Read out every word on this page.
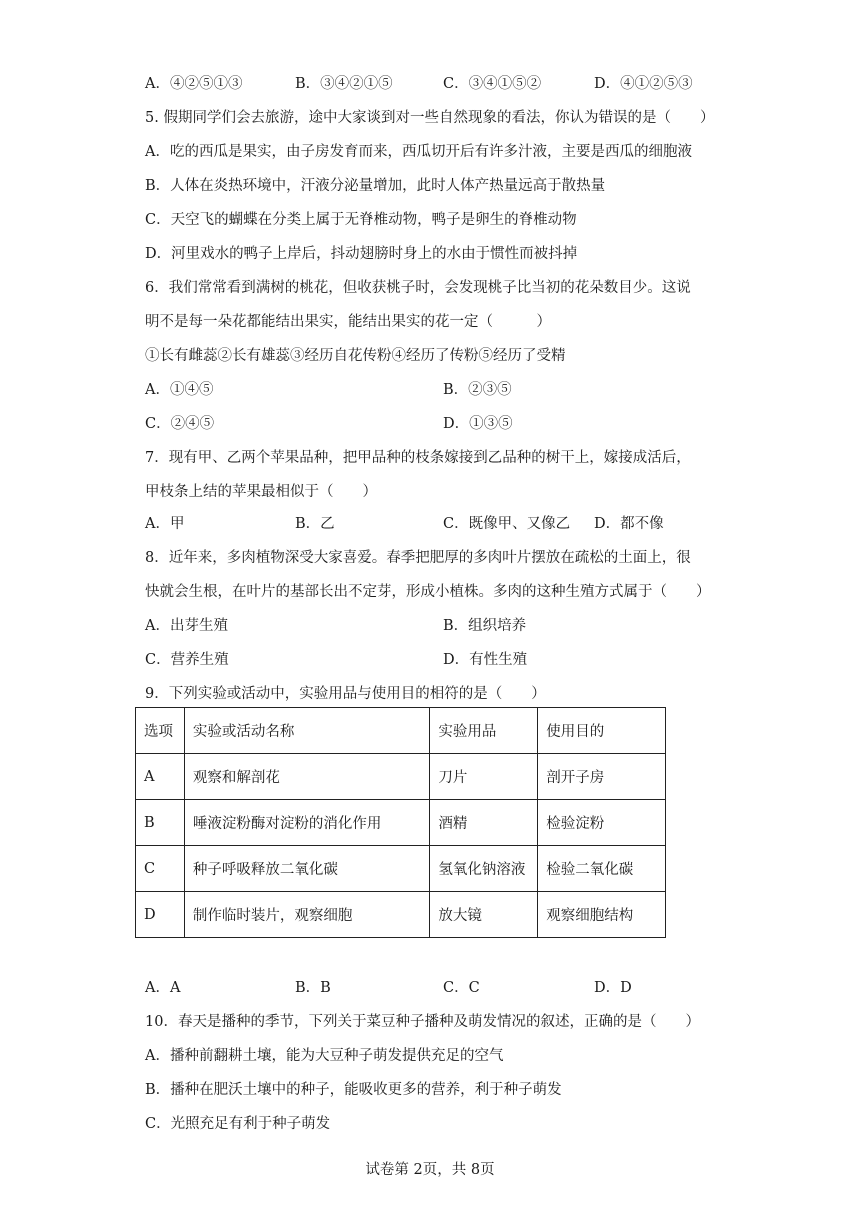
A．④②⑤①③	B．③④②①⑤	C．③④①⑤②	D．④①②⑤③
5. 假期同学们会去旅游，途中大家谈到对一些自然现象的看法，你认为错误的是（　　）
A．吃的西瓜是果实，由子房发育而来，西瓜切开后有许多汁液，主要是西瓜的细胞液
B．人体在炎热环境中，汗液分泌量增加，此时人体产热量远高于散热量
C．天空飞的蝴蝶在分类上属于无脊椎动物，鸭子是卵生的脊椎动物
D．河里戏水的鸭子上岸后，抖动翅膀时身上的水由于惯性而被抖掉
6．我们常常看到满树的桃花，但收获桃子时，会发现桃子比当初的花朵数目少。这说
明不是每一朵花都能结出果实，能结出果实的花一定（　　　）
①长有雌蕊②长有雄蕊③经历自花传粉④经历了传粉⑤经历了受精
A．①④⑤	B．②③⑤
C．②④⑤	D．①③⑤
7．现有甲、乙两个苹果品种，把甲品种的枝条嫁接到乙品种的树干上，嫁接成活后，
甲枝条上结的苹果最相似于（　　）
A．甲	B．乙	C．既像甲、又像乙 D．都不像
8．近年来，多肉植物深受大家喜爱。春季把肥厚的多肉叶片摆放在疏松的土面上，很
快就会生根，在叶片的基部长出不定芽，形成小植株。多肉的这种生殖方式属于（　　）
A．出芽生殖	B．组织培养
C．营养生殖	D．有性生殖
9．下列实验或活动中，实验用品与使用目的相符的是（　　）
选项	实验或活动名称	实验用品	使用目的
A	观察和解剖花	刀片	剖开子房
B	唾液淀粉酶对淀粉的消化作用	酒精	检验淀粉
C	种子呼吸释放二氧化碳	氢氧化钠溶液	检验二氧化碳
D	制作临时装片，观察细胞	放大镜	观察细胞结构
A．A	B．B	C．C	D．D
10．春天是播种的季节，下列关于菜豆种子播种及萌发情况的叙述，正确的是（　　）
A．播种前翻耕土壤，能为大豆种子萌发提供充足的空气
B．播种在肥沃土壤中的种子，能吸收更多的营养，利于种子萌发
C．光照充足有利于种子萌发
试卷第 2页，共 8页
